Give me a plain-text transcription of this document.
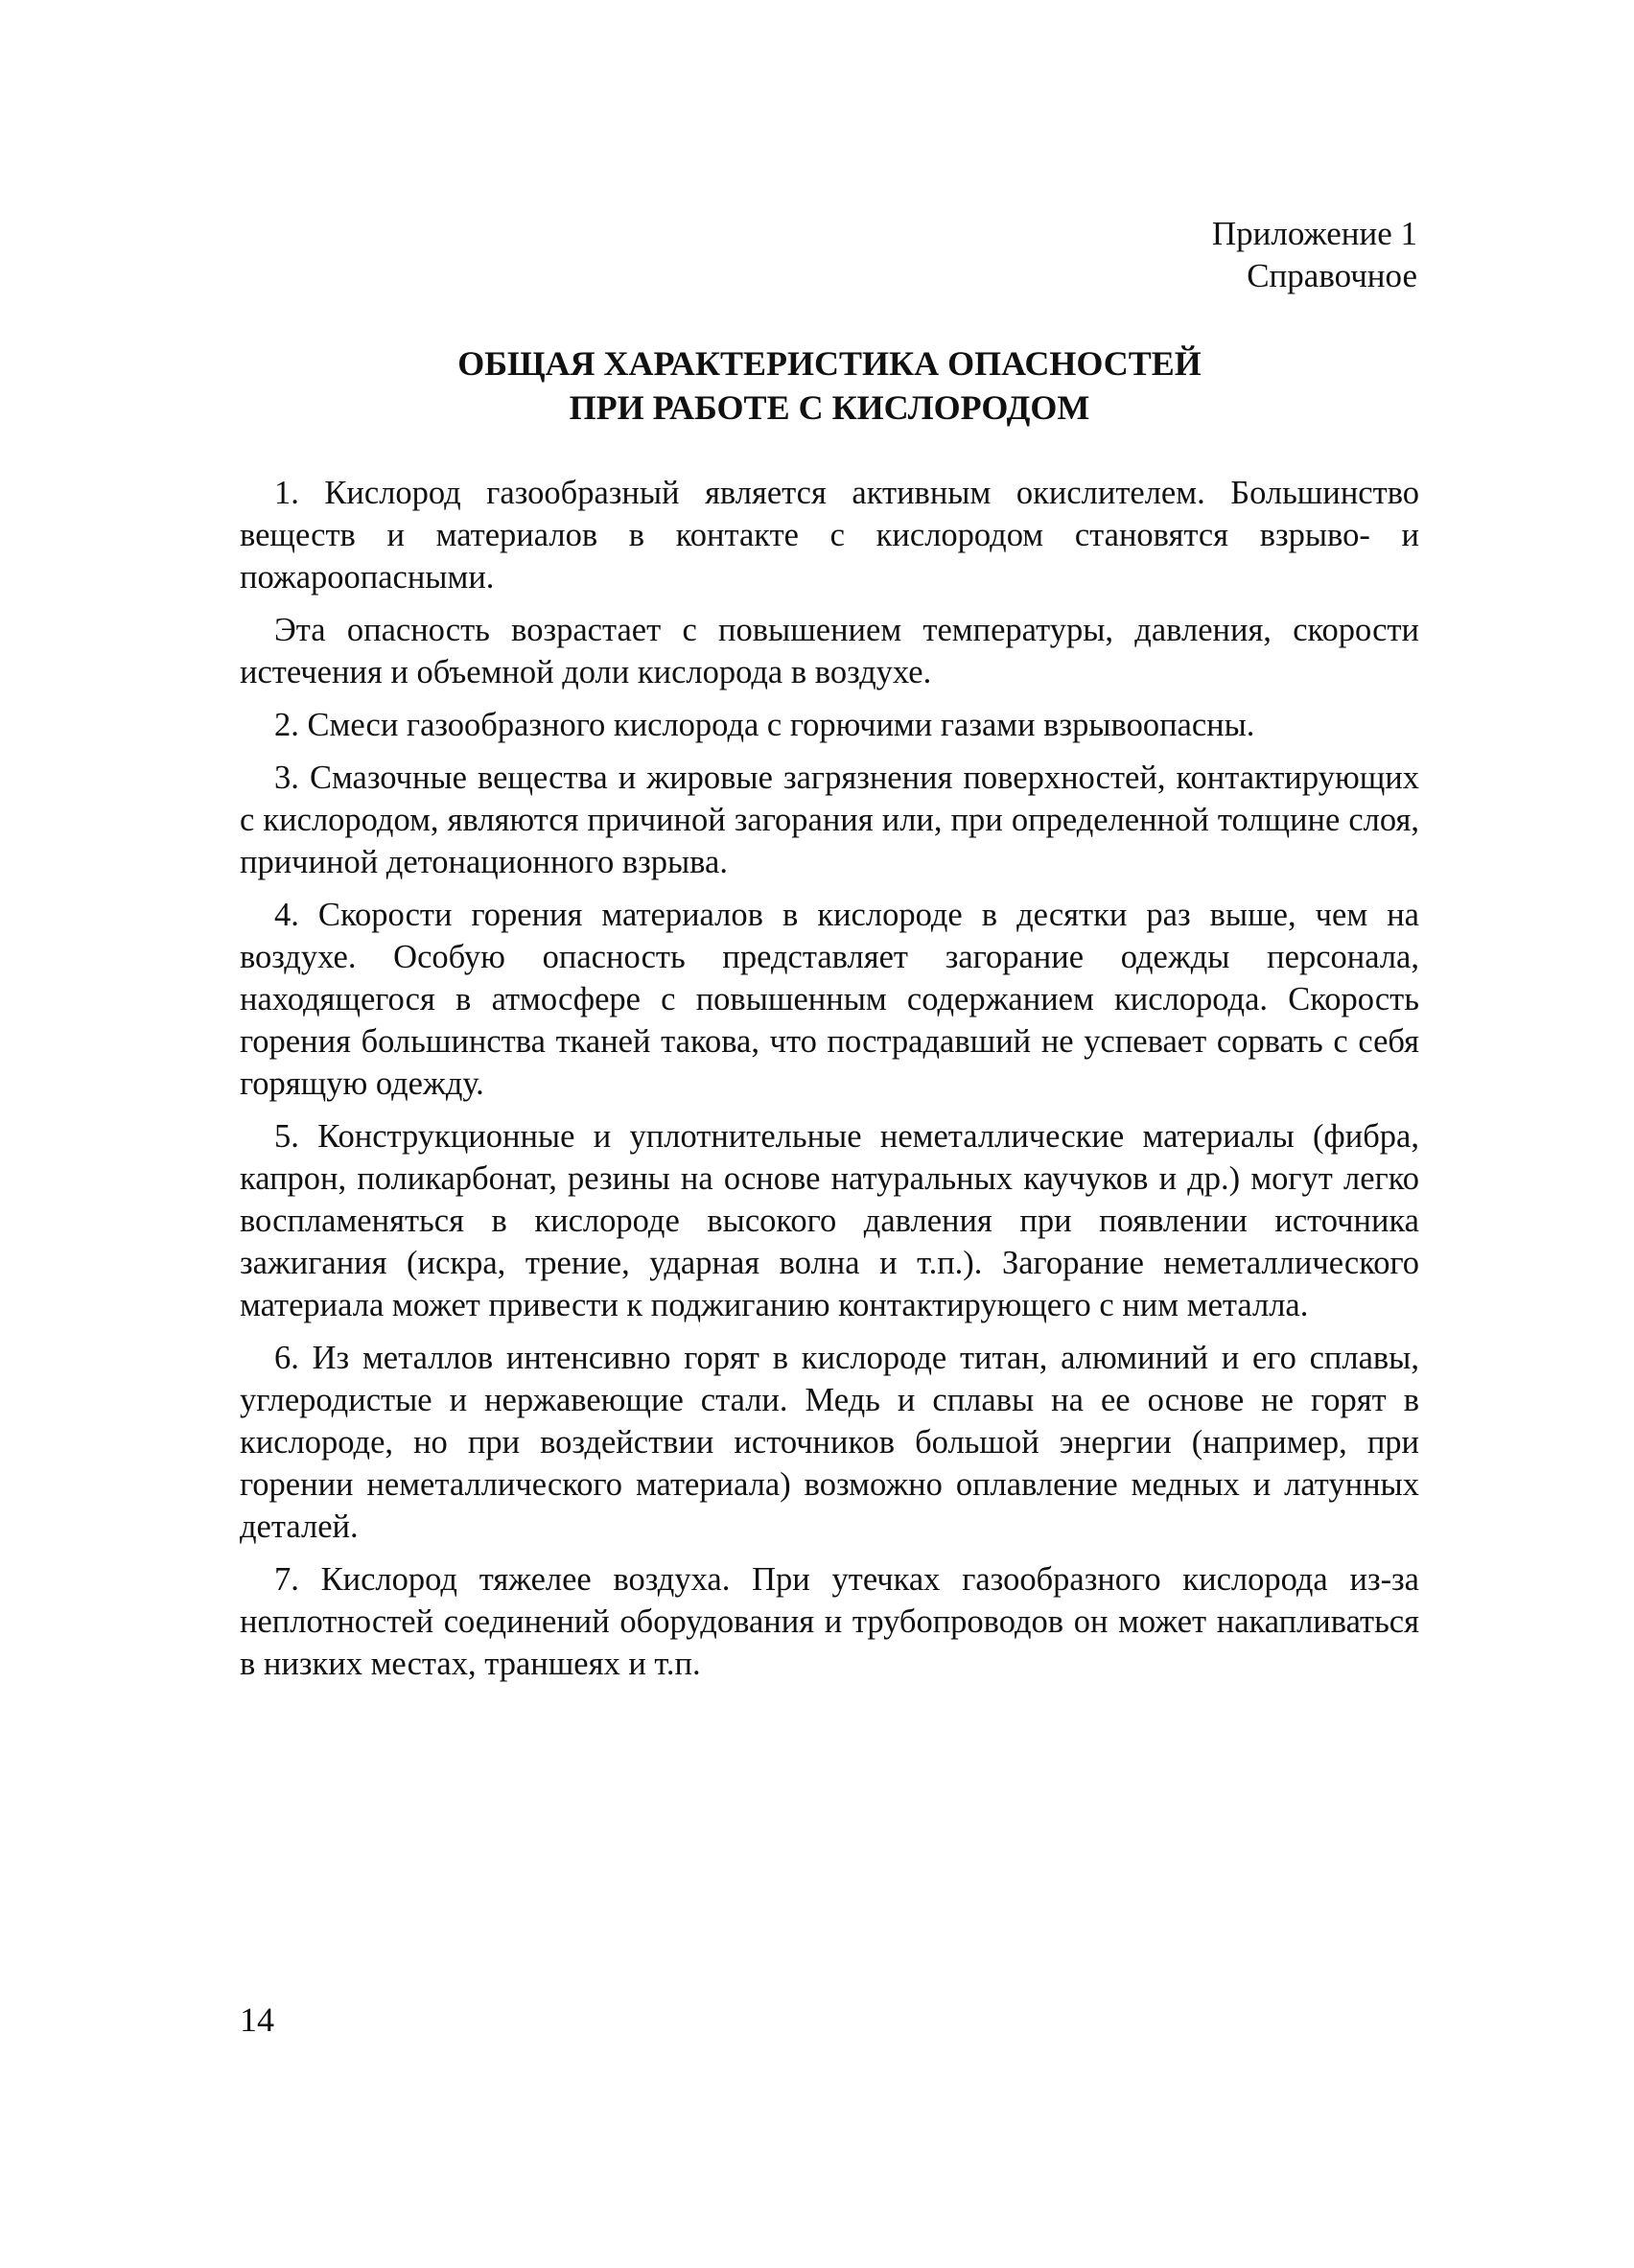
Приложение 1
Справочное
ОБЩАЯ ХАРАКТЕРИСТИКА ОПАСНОСТЕЙ
ПРИ РАБОТЕ С КИСЛОРОДОМ

1. Кислород газообразный является активным окислителем. Большинство веществ и материалов в контакте с кислородом становятся взрыво- и пожароопасными.

Эта опасность возрастает с повышением температуры, давления, скорости истечения и объемной доли кислорода в воздухе.

2. Смеси газообразного кислорода с горючими газами взрывоопасны.

3. Смазочные вещества и жировые загрязнения поверхностей, контактирующих с кислородом, являются причиной загорания или, при определенной толщине слоя, причиной детонационного взрыва.

4. Скорости горения материалов в кислороде в десятки раз выше, чем на воздухе. Особую опасность представляет загорание одежды персонала, находящегося в атмосфере с повышенным содержанием кислорода. Скорость горения большинства тканей такова, что пострадавший не успевает сорвать с себя горящую одежду.

5. Конструкционные и уплотнительные неметаллические материалы (фибра, капрон, поликарбонат, резины на основе натуральных каучуков и др.) могут легко воспламеняться в кислороде высокого давления при появлении источника зажигания (искра, трение, ударная волна и т.п.). Загорание неметаллического материала может привести к поджиганию контактирующего с ним металла.

6. Из металлов интенсивно горят в кислороде титан, алюминий и его сплавы, углеродистые и нержавеющие стали. Медь и сплавы на ее основе не горят в кислороде, но при воздействии источников большой энергии (например, при горении неметаллического материала) возможно оплавление медных и латунных деталей.

7. Кислород тяжелее воздуха. При утечках газообразного кислорода из-за неплотностей соединений оборудования и трубопроводов он может накапливаться в низких местах, траншеях и т.п.

14
